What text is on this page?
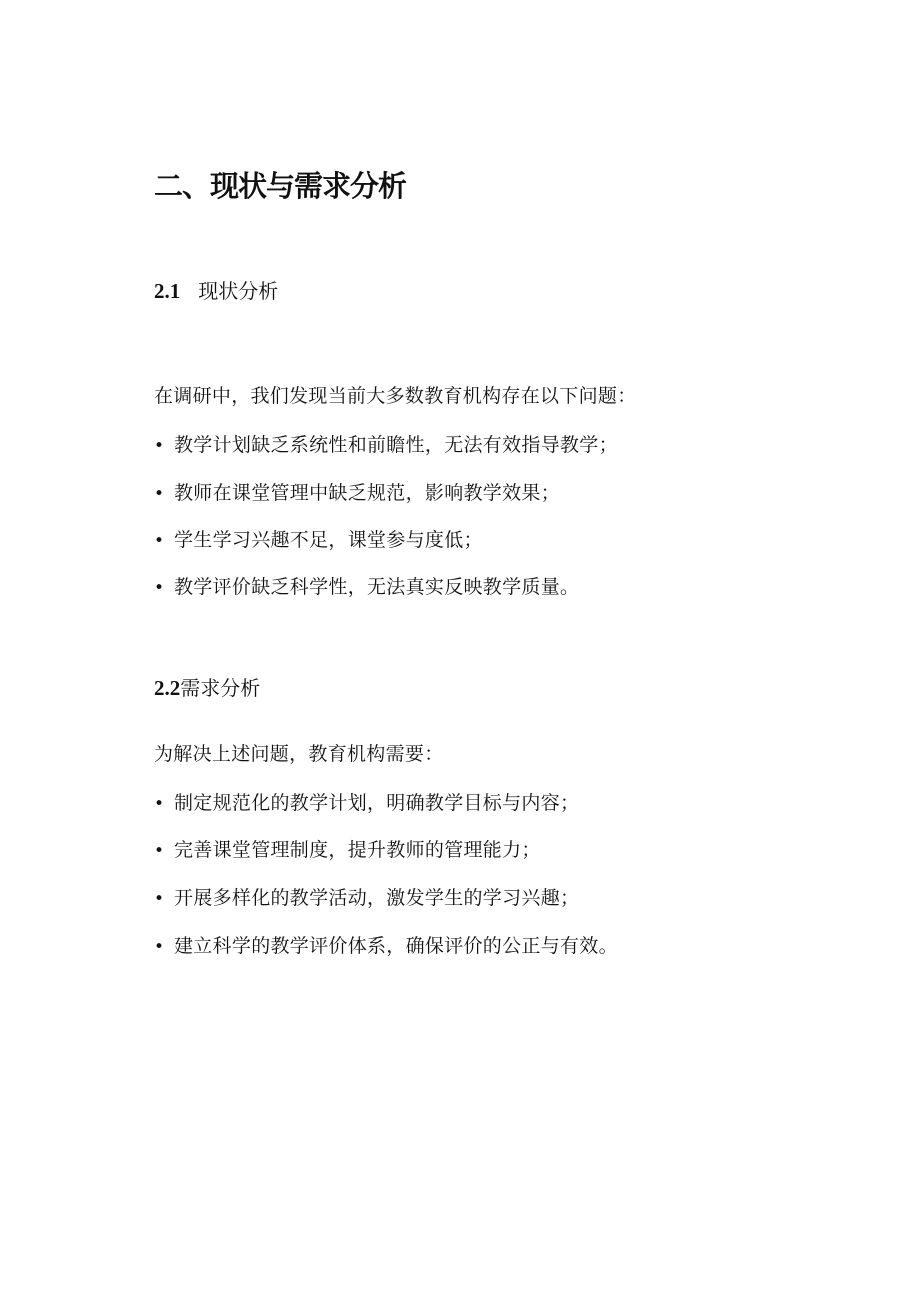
二、现状与需求分析
2.1 现状分析
在调研中，我们发现当前大多数教育机构存在以下问题：
• 教学计划缺乏系统性和前瞻性，无法有效指导教学；
• 教师在课堂管理中缺乏规范，影响教学效果；
• 学生学习兴趣不足，课堂参与度低；
• 教学评价缺乏科学性，无法真实反映教学质量。
2.2需求分析
为解决上述问题，教育机构需要：
• 制定规范化的教学计划，明确教学目标与内容；
• 完善课堂管理制度，提升教师的管理能力；
• 开展多样化的教学活动，激发学生的学习兴趣；
• 建立科学的教学评价体系，确保评价的公正与有效。
